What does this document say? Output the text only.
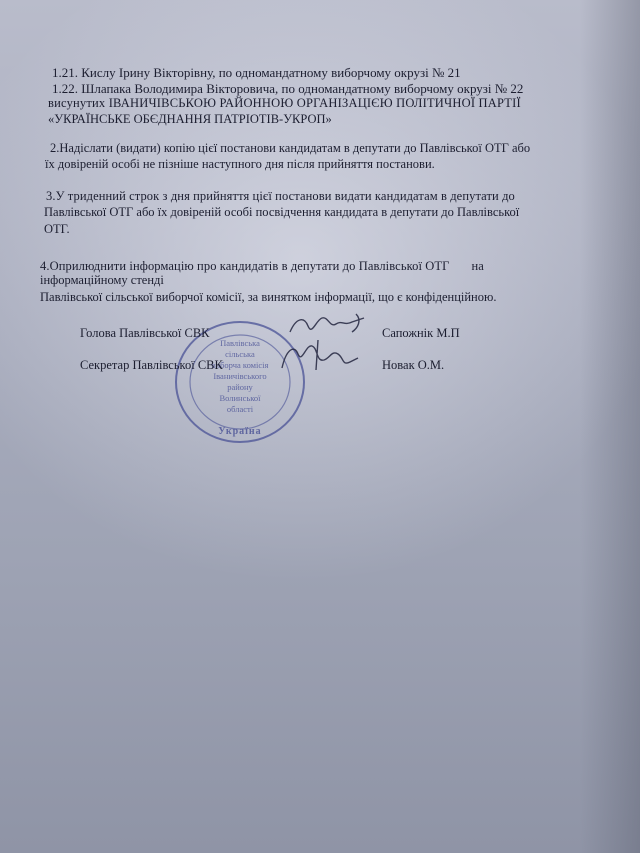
1.21. Кислу Ірину Вікторівну, по одномандатному виборчому окрузі № 21
1.22. Шлапака Володимира Вікторовича, по одномандатному виборчому окрузі № 22
висунутих ІВАНИЧІВСЬКОЮ РАЙОННОЮ ОРГАНІЗАЦІЄЮ ПОЛІТИЧНОЇ ПАРТІЇ
«УКРАЇНСЬКЕ ОБЄДНАННЯ ПАТРІОТІВ-УКРОП»
2.Надіслати (видати) копію цієї постанови кандидатам в депутати до Павлівської ОТГ або
їх довіреній особі не пізніше наступного дня після прийняття постанови.
3.У триденний строк з дня прийняття цієї постанови видати кандидатам в депутати до
Павлівської ОТГ або їх довіреній особі посвідчення кандидата в депутати до Павлівської
ОТГ.
4.Оприлюднити інформацію про кандидатів в депутати до Павлівської ОТГ на
інформаційному стенді
Павлівської сільської виборчої комісії, за винятком інформації, що є конфіденційною.
Павлівська
сільська
виборча комісія
Іваничівського
району
Волинської
області
Україна
Голова Павлівської СВК	Сапожнік М.П
Секретар Павлівської СВК	Новак О.М.
